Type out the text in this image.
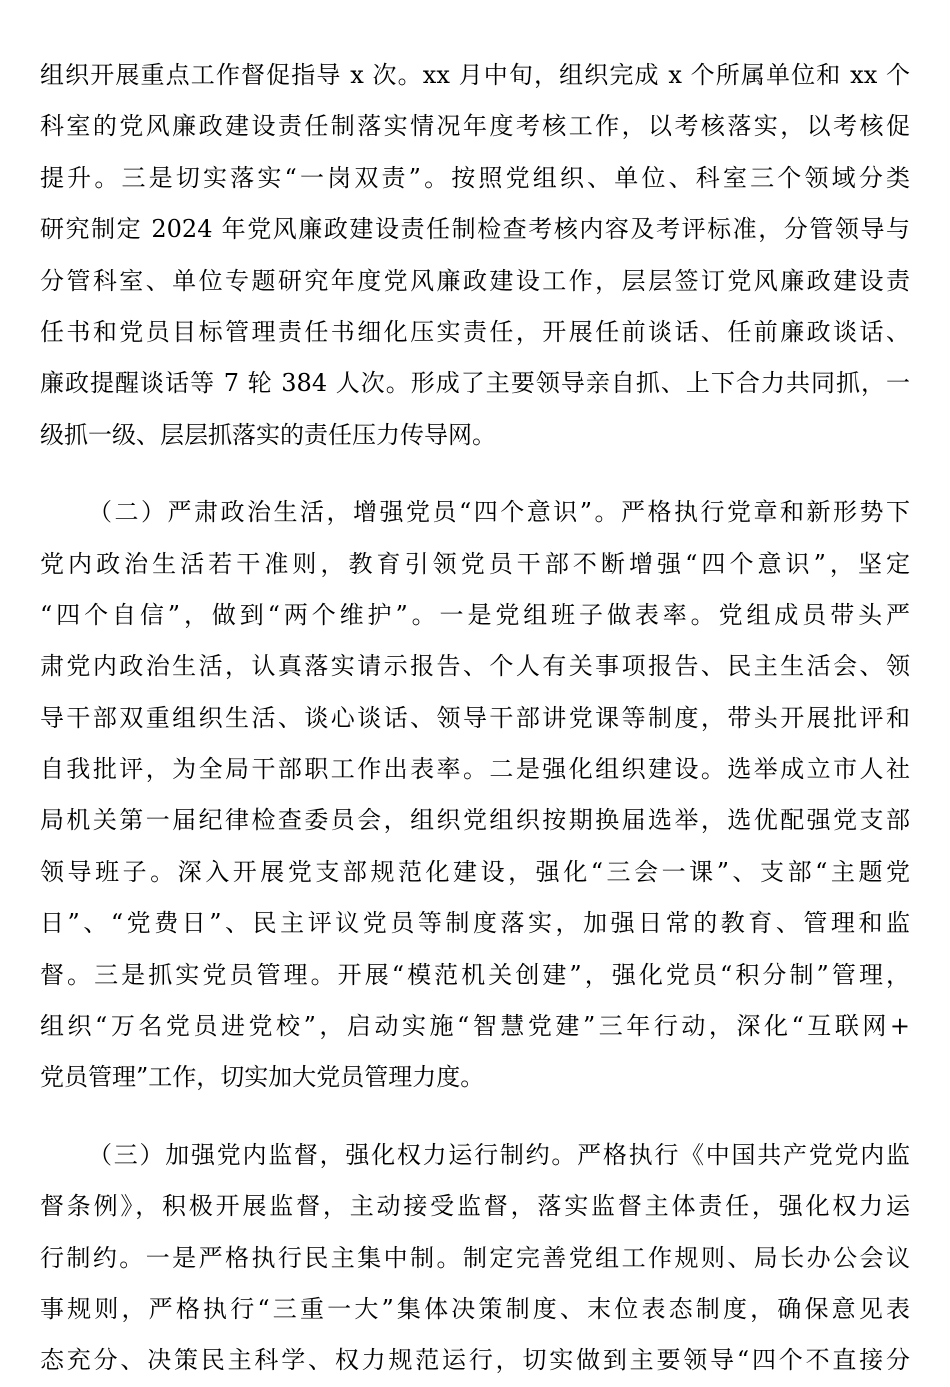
组织开展重点工作督促指导 x 次。xx 月中旬，组织完成 x 个所属单位和 xx 个
科室的党风廉政建设责任制落实情况年度考核工作，以考核落实，以考核促
提升。三是切实落实“一岗双责”。按照党组织、单位、科室三个领域分类
研究制定 2024 年党风廉政建设责任制检查考核内容及考评标准，分管领导与
分管科室、单位专题研究年度党风廉政建设工作，层层签订党风廉政建设责
任书和党员目标管理责任书细化压实责任，开展任前谈话、任前廉政谈话、
廉政提醒谈话等 7 轮 384 人次。形成了主要领导亲自抓、上下合力共同抓，一
级抓一级、层层抓落实的责任压力传导网。
（二）严肃政治生活，增强党员“四个意识”。严格执行党章和新形势下
党内政治生活若干准则，教育引领党员干部不断增强“四个意识”，坚定
“四个自信”，做到“两个维护”。一是党组班子做表率。党组成员带头严
肃党内政治生活，认真落实请示报告、个人有关事项报告、民主生活会、领
导干部双重组织生活、谈心谈话、领导干部讲党课等制度，带头开展批评和
自我批评，为全局干部职工作出表率。二是强化组织建设。选举成立市人社
局机关第一届纪律检查委员会，组织党组织按期换届选举，选优配强党支部
领导班子。深入开展党支部规范化建设，强化“三会一课”、支部“主题党
日”、“党费日”、民主评议党员等制度落实，加强日常的教育、管理和监
督。三是抓实党员管理。开展“模范机关创建”，强化党员“积分制”管理，
组织“万名党员进党校”，启动实施“智慧党建”三年行动，深化“互联网+
党员管理”工作，切实加大党员管理力度。
（三）加强党内监督，强化权力运行制约。严格执行《中国共产党党内监
督条例》，积极开展监督，主动接受监督，落实监督主体责任，强化权力运
行制约。一是严格执行民主集中制。制定完善党组工作规则、局长办公会议
事规则，严格执行“三重一大”集体决策制度、末位表态制度，确保意见表
态充分、决策民主科学、权力规范运行，切实做到主要领导“四个不直接分
